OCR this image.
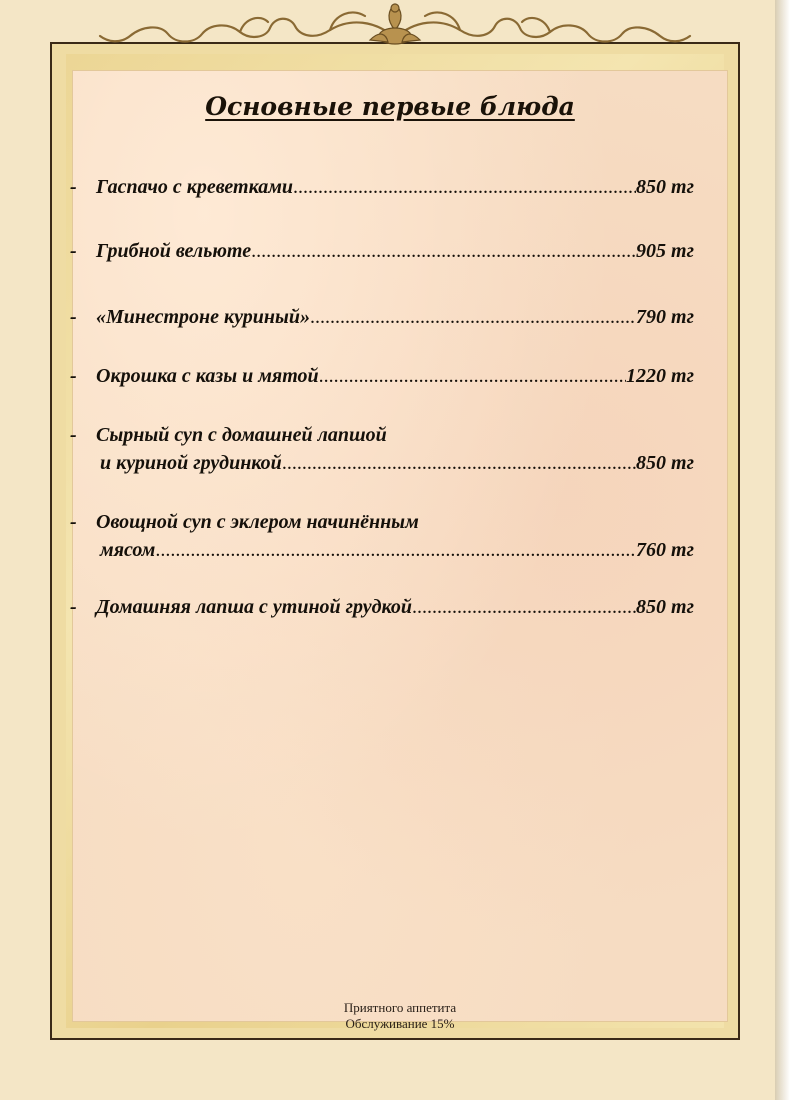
Основные первые блюда
- Гаспачо с креветками .....	850 тг
- Грибной вельюте .....	905 тг
- «Минестроне куриный» .....	790 тг
- Окрошка с казы и мятой .....	1220 тг
- Сырный суп с домашней лапшой
и куриной грудинкой .....	850 тг
- Овощной суп с эклером начинённым
мясом .....	760 тг
- Домашняя лапша с утиной грудкой .....	850 тг
Приятного аппетита
Обслуживание 15%
